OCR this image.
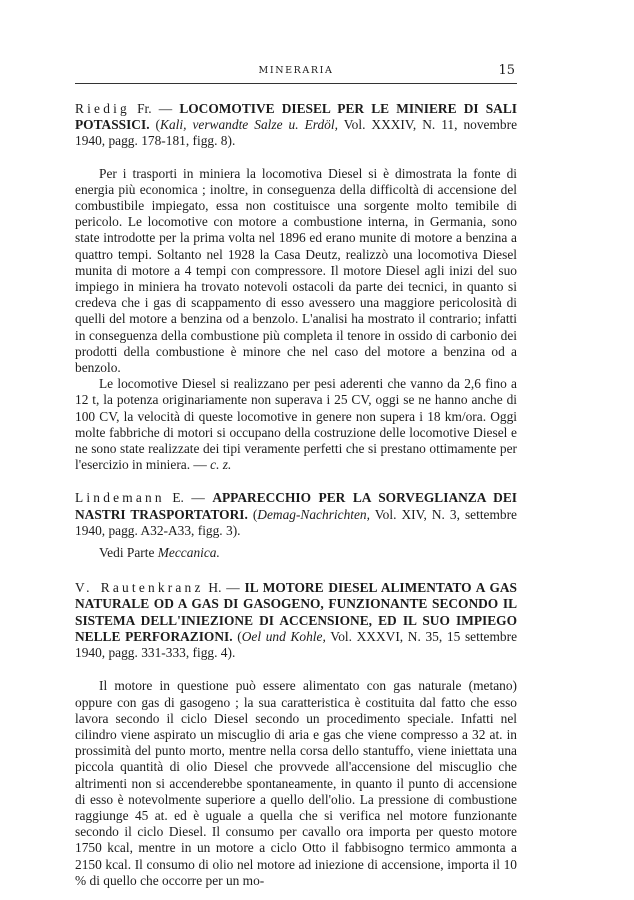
MINERARIA	15

Riedig Fr. — LOCOMOTIVE DIESEL PER LE MINIERE DI SALI POTASSICI. (Kali, verwandte Salze u. Erdöl, Vol. XXXIV, N. 11, novembre 1940, pagg. 178-181, figg. 8).

Per i trasporti in miniera la locomotiva Diesel si è dimostrata la fonte di energia più economica ; inoltre, in conseguenza della difficoltà di accensione del combustibile impiegato, essa non costituisce una sorgente molto temibile di pericolo. Le locomotive con motore a combustione interna, in Germania, sono state introdotte per la prima volta nel 1896 ed erano munite di motore a benzina a quattro tempi. Soltanto nel 1928 la Casa Deutz, realizzò una locomotiva Diesel munita di motore a 4 tempi con compressore. Il motore Diesel agli inizi del suo impiego in miniera ha trovato notevoli ostacoli da parte dei tecnici, in quanto si credeva che i gas di scappamento di esso avessero una maggiore pericolosità di quelli del motore a benzina od a benzolo. L'analisi ha mostrato il contrario; infatti in conseguenza della combustione più completa il tenore in ossido di carbonio dei prodotti della combustione è minore che nel caso del motore a benzina od a benzolo.

Le locomotive Diesel si realizzano per pesi aderenti che vanno da 2,6 fino a 12 t, la potenza originariamente non superava i 25 CV, oggi se ne hanno anche di 100 CV, la velocità di queste locomotive in genere non supera i 18 km/ora. Oggi molte fabbriche di motori si occupano della costruzione delle locomotive Diesel e ne sono state realizzate dei tipi veramente perfetti che si prestano ottimamente per l'esercizio in miniera. — c. z.

Lindemann E. — APPARECCHIO PER LA SORVEGLIANZA DEI NASTRI TRASPORTATORI. (Demag-Nachrichten, Vol. XIV, N. 3, settembre 1940, pagg. A32-A33, figg. 3).

Vedi Parte Meccanica.

V. Rautenkranz H. — IL MOTORE DIESEL ALIMENTATO A GAS NATURALE OD A GAS DI GASOGENO, FUNZIONANTE SECONDO IL SISTEMA DELL'INIEZIONE DI ACCENSIONE, ED IL SUO IMPIEGO NELLE PERFORAZIONI. (Oel und Kohle, Vol. XXXVI, N. 35, 15 settembre 1940, pagg. 331-333, figg. 4).

Il motore in questione può essere alimentato con gas naturale (metano) oppure con gas di gasogeno ; la sua caratteristica è costituita dal fatto che esso lavora secondo il ciclo Diesel secondo un procedimento speciale. Infatti nel cilindro viene aspirato un miscuglio di aria e gas che viene compresso a 32 at. in prossimità del punto morto, mentre nella corsa dello stantuffo, viene iniettata una piccola quantità di olio Diesel che provvede all'accensione del miscuglio che altrimenti non si accenderebbe spontaneamente, in quanto il punto di accensione di esso è notevolmente superiore a quello dell'olio. La pressione di combustione raggiunge 45 at. ed è uguale a quella che si verifica nel motore funzionante secondo il ciclo Diesel. Il consumo per cavallo ora importa per questo motore 1750 kcal, mentre in un motore a ciclo Otto il fabbisogno termico ammonta a 2150 kcal. Il consumo di olio nel motore ad iniezione di accensione, importa il 10 % di quello che occorre per un mo-
